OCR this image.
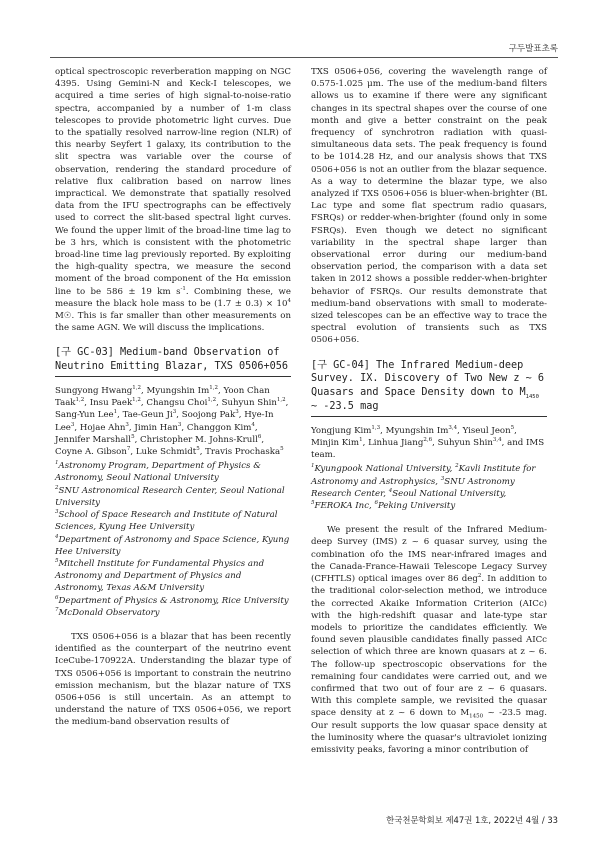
구두발표초록

optical spectroscopic reverberation mapping on NGC 4395. Using Gemini-N and Keck-I telescopes, we acquired a time series of high signal-to-noise-ratio spectra, accompanied by a number of 1-m class telescopes to provide photometric light curves. Due to the spatially resolved narrow-line region (NLR) of this nearby Seyfert 1 galaxy, its contribution to the slit spectra was variable over the course of observation, rendering the standard procedure of relative flux calibration based on narrow lines impractical. We demonstrate that spatially resolved data from the IFU spectrographs can be effectively used to correct the slit-based spectral light curves. We found the upper limit of the broad-line time lag to be 3 hrs, which is consistent with the photometric broad-line time lag previously reported. By exploiting the high-quality spectra, we measure the second moment of the broad component of the Hα emission line to be 586 ± 19 km $s^{-1}$. Combining these, we measure the black hole mass to be $(1.7 \pm 0.3) \times 10^4$ M☉. This is far smaller than other measurements on the same AGN. We will discuss the implications.

[구 GC-03] Medium-band Observation of Neutrino Emitting Blazar, TXS 0506+056

Sungyong Hwang$^{1,2}$, Myungshin Im$^{1,2}$, Yoon Chan Taak$^{1,2}$, Insu Paek$^{1,2}$, Changsu Choi$^{1,2}$, Suhyun Shin$^{1,2}$, Sang-Yun Lee$^1$, Tae-Geun Ji$^3$, Soojong Pak$^3$, Hye-In Lee$^3$, Hojae Ahn$^3$, Jimin Han$^3$, Changgon Kim$^4$, Jennifer Marshall$^5$, Christopher M. Johns-Krull$^6$, Coyne A. Gibson$^7$, Luke Schmidt$^5$, Travis Prochaska$^5$

$^1$Astronomy Program, Department of Physics & Astronomy, Seoul National University

$^2$SNU Astronomical Research Center, Seoul National University

$^3$School of Space Research and Institute of Natural Sciences, Kyung Hee University

$^4$Department of Astronomy and Space Science, Kyung Hee University

$^5$Mitchell Institute for Fundamental Physics and Astronomy and Department of Physics and Astronomy, Texas A&M University

$^6$Department of Physics & Astronomy, Rice University

$^7$McDonald Observatory

TXS 0506+056 is a blazar that has been recently identified as the counterpart of the neutrino event IceCube-170922A. Understanding the blazar type of TXS 0506+056 is important to constrain the neutrino emission mechanism, but the blazar nature of TXS 0506+056 is still uncertain. As an attempt to understand the nature of TXS 0506+056, we report the medium-band observation results of

TXS 0506+056, covering the wavelength range of 0.575-1.025 μm. The use of the medium-band filters allows us to examine if there were any significant changes in its spectral shapes over the course of one month and give a better constraint on the peak frequency of synchrotron radiation with quasi-simultaneous data sets. The peak frequency is found to be 1014.28 Hz, and our analysis shows that TXS 0506+056 is not an outlier from the blazar sequence. As a way to determine the blazar type, we also analyzed if TXS 0506+056 is bluer-when-brighter (BL Lac type and some flat spectrum radio quasars, FSRQs) or redder-when-brighter (found only in some FSRQs). Even though we detect no significant variability in the spectral shape larger than observational error during our medium-band observation period, the comparison with a data set taken in 2012 shows a possible redder-when-brighter behavior of FSRQs. Our results demonstrate that medium-band observations with small to moderate-sized telescopes can be an effective way to trace the spectral evolution of transients such as TXS 0506+056.

[구 GC-04] The Infrared Medium-deep Survey. IX. Discovery of Two New z ~ 6 Quasars and Space Density down to $M_{1450}$ ~ -23.5 mag

Yongjung Kim$^{1,3}$, Myungshin Im$^{3,4}$, Yiseul Jeon$^5$, Minjin Kim$^1$, Linhua Jiang$^{2,6}$, Suhyun Shin$^{3,4}$, and IMS team.

$^1$Kyungpook National University, $^2$Kavli Institute for Astronomy and Astrophysics, $^3$SNU Astronomy Research Center, $^4$Seoul National University, $^5$FEROKA Inc, $^6$Peking University

We present the result of the Infrared Medium-deep Survey (IMS) z ~ 6 quasar survey, using the combination ofo the IMS near-infrared images and the Canada-France-Hawaii Telescope Legacy Survey (CFHTLS) optical images over 86 deg$^2$. In addition to the traditional color-selection method, we introduce the corrected Akaike Information Criterion (AICc) with the high-redshift quasar and late-type star models to prioritize the candidates efficiently. We found seven plausible candidates finally passed AICc selection of which three are known quasars at z ~ 6. The follow-up spectroscopic observations for the remaining four candidates were carried out, and we confirmed that two out of four are z ~ 6 quasars. With this complete sample, we revisited the quasar space density at z ~ 6 down to $M_{1450}$ ~ -23.5 mag. Our result supports the low quasar space density at the luminosity where the quasar's ultraviolet ionizing emissivity peaks, favoring a minor contribution of

한국천문학회보 제47권 1호, 2022년 4월 / 33
